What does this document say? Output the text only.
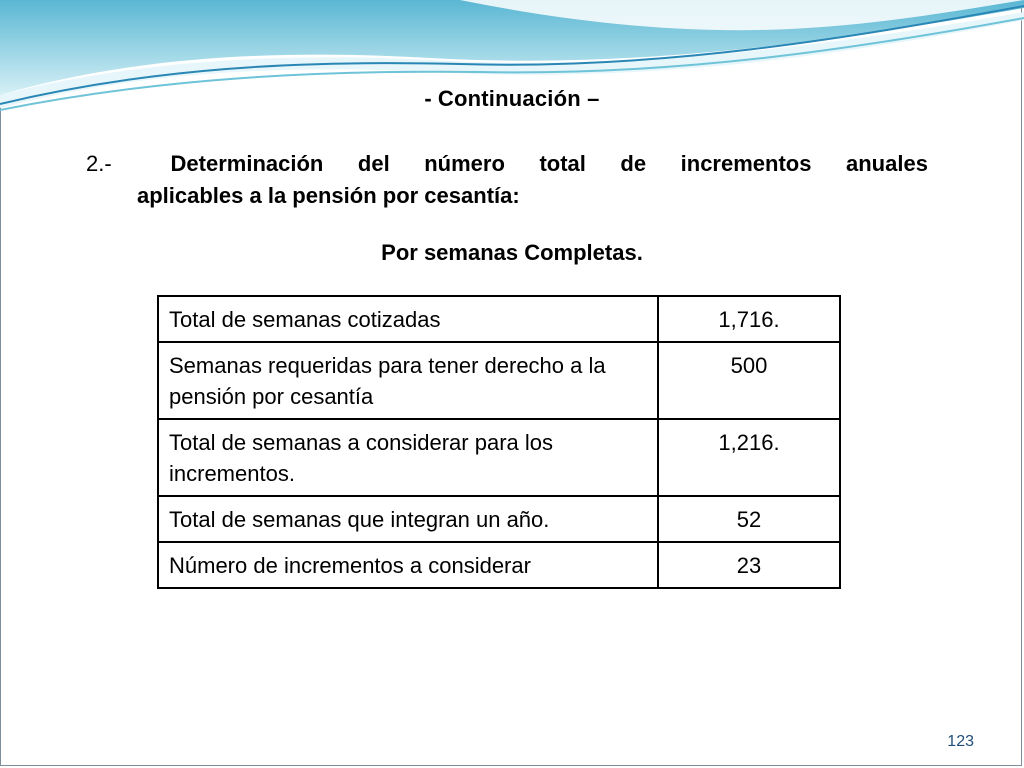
- Continuación –
2.-	Determinación del número total de incrementos anuales
aplicables a la pensión por cesantía:
Por semanas Completas.
Total de semanas cotizadas	1,716.
Semanas requeridas para tener derecho a la pensión por cesantía	500
Total de semanas a considerar para los incrementos.	1,216.
Total de semanas que integran un año.	52
Número de incrementos a considerar	23
123
